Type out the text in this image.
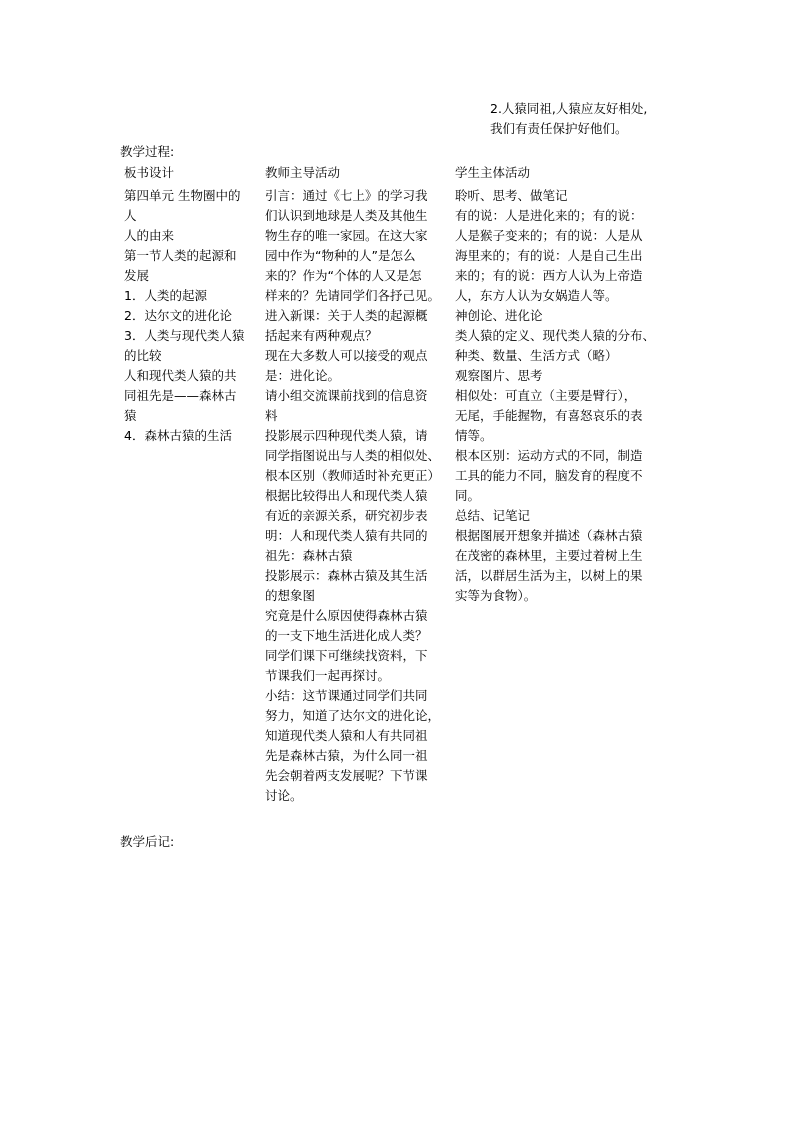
2.人猿同祖,人猿应友好相处,
我们有责任保护好他们。
教学过程:
板书设计	教师主导活动	学生主体活动
第四单元 生物圈中的
人
人的由来
第一节人类的起源和
发展
1．人类的起源
2．达尔文的进化论
3．人类与现代类人猿
的比较
人和现代类人猿的共
同祖先是——森林古
猿
4．森林古猿的生活
引言：通过《七上》的学习我
们认识到地球是人类及其他生
物生存的唯一家园。在这大家
园中作为“物种的人”是怎么
来的？作为“个体的人又是怎
样来的？先请同学们各抒己见。
进入新课：关于人类的起源概
括起来有两种观点？
现在大多数人可以接受的观点
是：进化论。
请小组交流课前找到的信息资
料
投影展示四种现代类人猿，请
同学指图说出与人类的相似处、
根本区别（教师适时补充更正）
根据比较得出人和现代类人猿
有近的亲源关系，研究初步表
明：人和现代类人猿有共同的
祖先：森林古猿
投影展示：森林古猿及其生活
的想象图
究竟是什么原因使得森林古猿
的一支下地生活进化成人类？
同学们课下可继续找资料，下
节课我们一起再探讨。
小结：这节课通过同学们共同
努力，知道了达尔文的进化论，
知道现代类人猿和人有共同祖
先是森林古猿，为什么同一祖
先会朝着两支发展呢？下节课
讨论。
聆听、思考、做笔记
有的说：人是进化来的；有的说：
人是猴子变来的；有的说：人是从
海里来的；有的说：人是自己生出
来的；有的说：西方人认为上帝造
人，东方人认为女娲造人等。
神创论、进化论
类人猿的定义、现代类人猿的分布、
种类、数量、生活方式（略）
观察图片、思考
相似处：可直立（主要是臂行），
无尾，手能握物，有喜怒哀乐的表
情等。
根本区别：运动方式的不同，制造
工具的能力不同，脑发育的程度不
同。
总结、记笔记
根据图展开想象并描述（森林古猿
在茂密的森林里，主要过着树上生
活，以群居生活为主，以树上的果
实等为食物）。
教学后记:
